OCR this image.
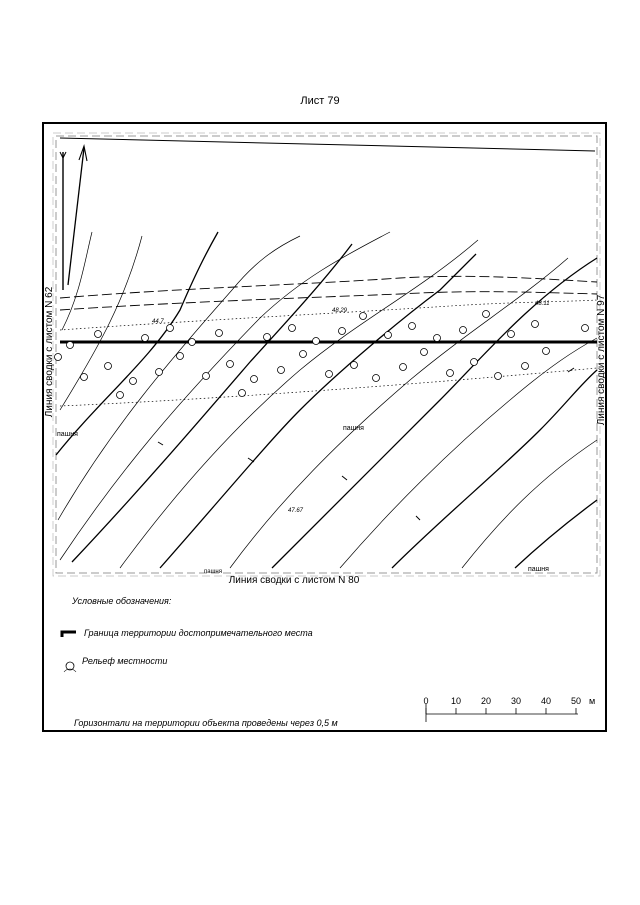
Лист 79
44.7
48.29
48.11
47.67
пашня
пашня
пашня	пашня
Линия сводки с листом N 62	Линия сводки с листом N 97
Линия сводки с листом N 80
Условные обозначения:
Граница территории достопримечательного места
Рельеф местности
Горизонтали на территории объекта проведены через 0,5 м
0 10 20 30 40 50 м
